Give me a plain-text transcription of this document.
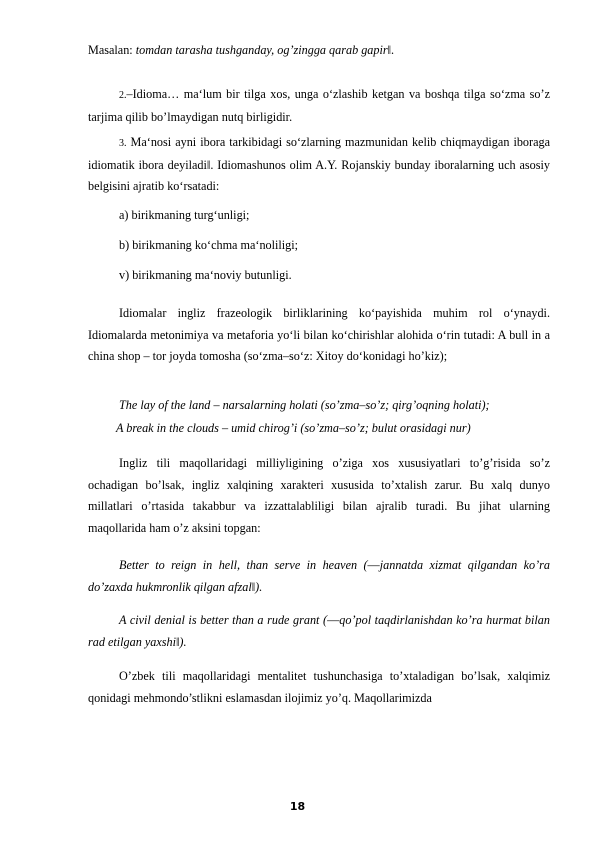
Masalan: tomdan tarasha tushganday, og’zingga qarab gapir‖.
2.–Idioma… ma‘lum bir tilga xos, unga o‘zlashib ketgan va boshqa tilga so‘zma so’z tarjima qilib bo’lmaydigan nutq birligidir.
3. Ma‘nosi ayni ibora tarkibidagi so‘zlarning mazmunidan kelib chiqmaydigan iboraga idiomatik ibora deyiladi‖. Idiomashunos olim A.Y. Rojanskiy bunday iboralarning uch asosiy belgisini ajratib ko‘rsatadi:
a) birikmaning turg‘unligi;
b) birikmaning ko‘chma ma‘noliligi;
v) birikmaning ma‘noviy butunligi.
Idiomalar ingliz frazeologik birliklarining ko‘payishida muhim rol o‘ynaydi. Idiomalarda metonimiya va metaforia yo‘li bilan ko‘chirishlar alohida o‘rin tutadi: A bull in a china shop – tor joyda tomosha (so‘zma–so‘z: Xitoy do‘konidagi ho’kiz);
The lay of the land – narsalarning holati (so’zma–so’z; qirg’oqning holati);
A break in the clouds – umid chirog’i (so’zma–so’z; bulut orasidagi nur)
Ingliz tili maqollaridagi milliyligining o’ziga xos xususiyatlari to’g’risida so’z ochadigan bo’lsak, ingliz xalqining xarakteri xususida to’xtalish zarur. Bu xalq dunyo millatlari o’rtasida takabbur va izzattalabliligi bilan ajralib turadi. Bu jihat ularning maqollarida ham o’z aksini topgan:
Better to reign in hell, than serve in heaven (―jannatda xizmat qilgandan ko’ra do’zaxda hukmronlik qilgan afzal‖).
A civil denial is better than a rude grant (―qo’pol taqdirlanishdan ko’ra hurmat bilan rad etilgan yaxshi‖).
O’zbek tili maqollaridagi mentalitet tushunchasiga to’xtaladigan bo’lsak, xalqimiz qonidagi mehmondo’stlikni eslamasdan ilojimiz yo’q. Maqollarimizda
18
